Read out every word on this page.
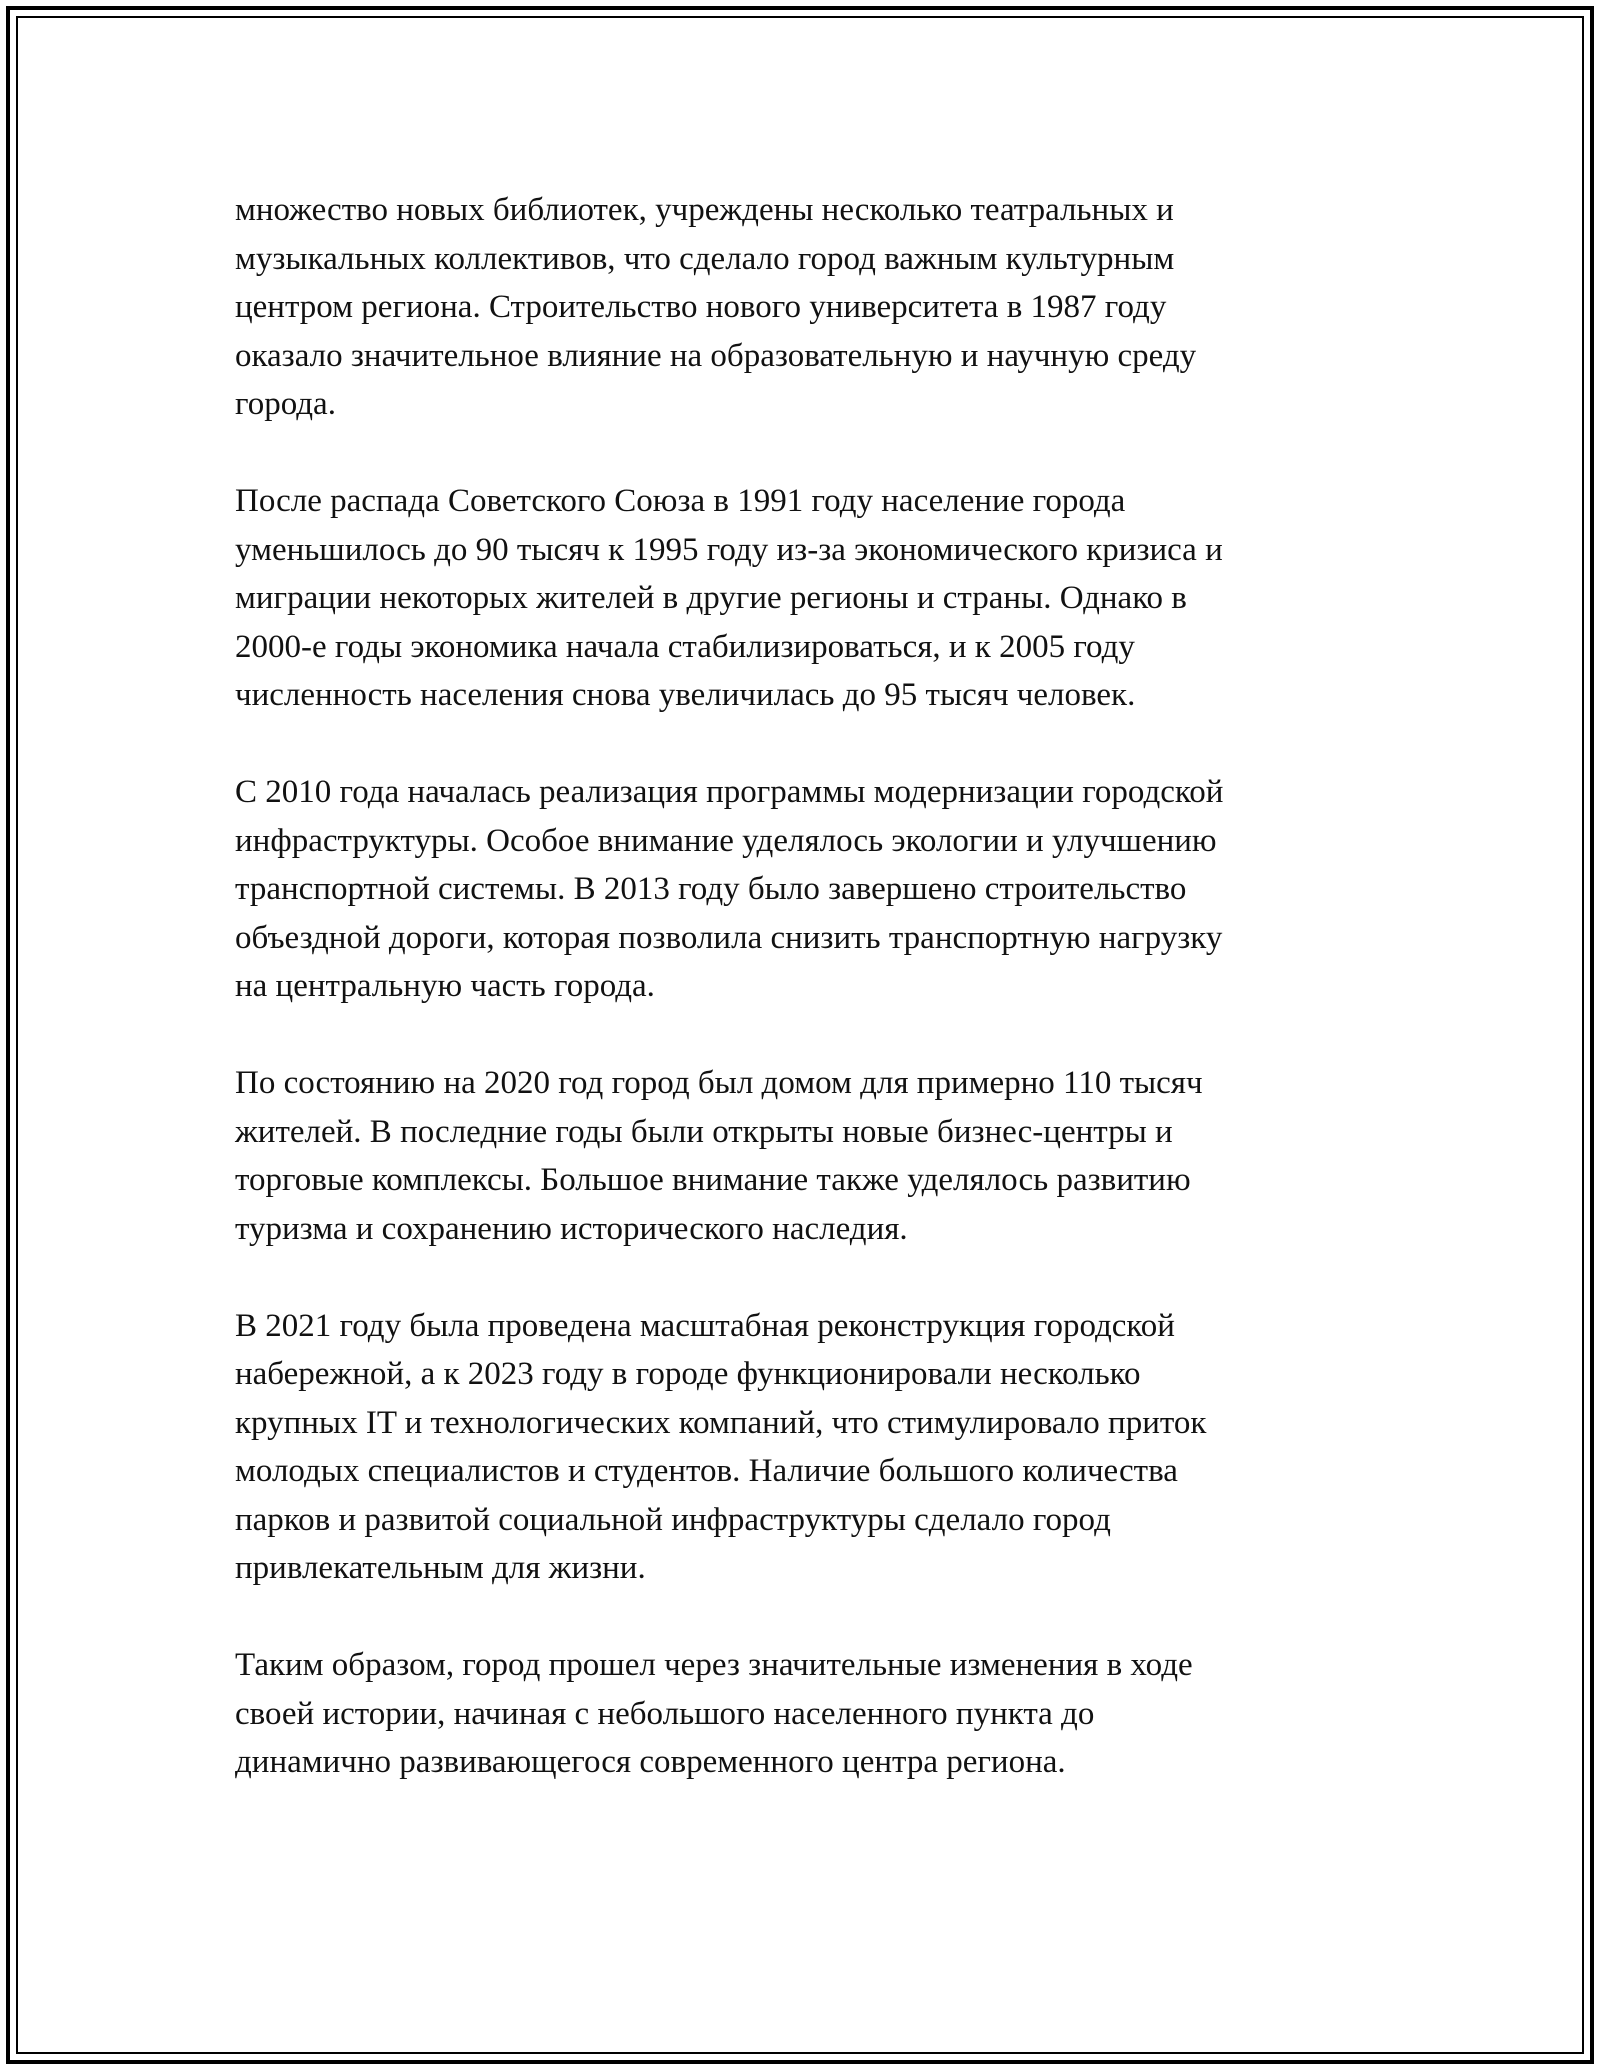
множество новых библиотек, учреждены несколько театральных и
музыкальных коллективов, что сделало город важным культурным
центром региона. Строительство нового университета в 1987 году
оказало значительное влияние на образовательную и научную среду
города.

После распада Советского Союза в 1991 году население города
уменьшилось до 90 тысяч к 1995 году из-за экономического кризиса и
миграции некоторых жителей в другие регионы и страны. Однако в
2000-е годы экономика начала стабилизироваться, и к 2005 году
численность населения снова увеличилась до 95 тысяч человек.

С 2010 года началась реализация программы модернизации городской
инфраструктуры. Особое внимание уделялось экологии и улучшению
транспортной системы. В 2013 году было завершено строительство
объездной дороги, которая позволила снизить транспортную нагрузку
на центральную часть города.

По состоянию на 2020 год город был домом для примерно 110 тысяч
жителей. В последние годы были открыты новые бизнес-центры и
торговые комплексы. Большое внимание также уделялось развитию
туризма и сохранению исторического наследия.

В 2021 году была проведена масштабная реконструкция городской
набережной, а к 2023 году в городе функционировали несколько
крупных IT и технологических компаний, что стимулировало приток
молодых специалистов и студентов. Наличие большого количества
парков и развитой социальной инфраструктуры сделало город
привлекательным для жизни.

Таким образом, город прошел через значительные изменения в ходе
своей истории, начиная с небольшого населенного пункта до
динамично развивающегося современного центра региона.
